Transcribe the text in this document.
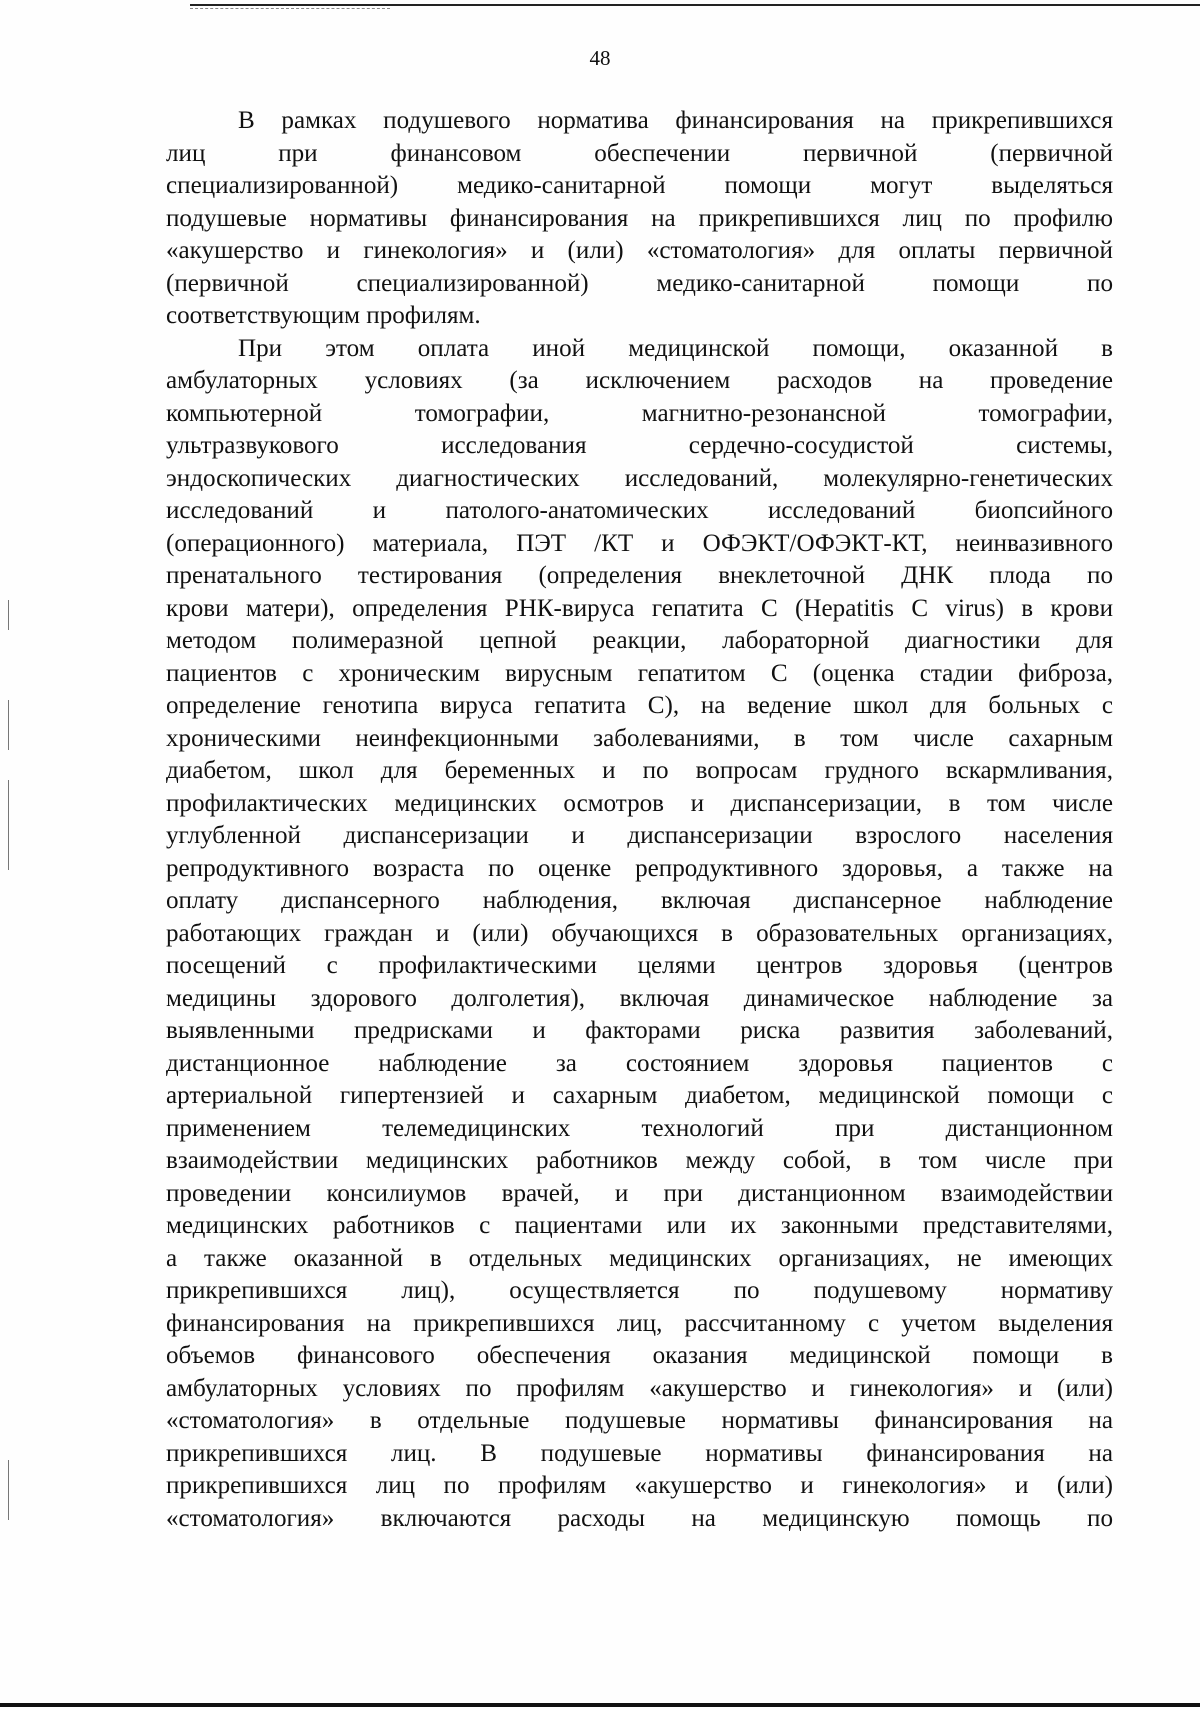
48
В рамках подушевого норматива финансирования на прикрепившихся
лиц при финансовом обеспечении первичной (первичной
специализированной) медико-санитарной помощи могут выделяться
подушевые нормативы финансирования на прикрепившихся лиц по профилю
«акушерство и гинекология» и (или) «стоматология» для оплаты первичной
(первичной специализированной) медико-санитарной помощи по
соответствующим профилям.
При этом оплата иной медицинской помощи, оказанной в
амбулаторных условиях (за исключением расходов на проведение
компьютерной томографии, магнитно-резонансной томографии,
ультразвукового исследования сердечно-сосудистой системы,
эндоскопических диагностических исследований, молекулярно-генетических
исследований и патолого-анатомических исследований биопсийного
(операционного) материала, ПЭТ /КТ и ОФЭКТ/ОФЭКТ-КТ, неинвазивного
пренатального тестирования (определения внеклеточной ДНК плода по
крови матери), определения РНК-вируса гепатита С (Hepatitis C virus) в крови
методом полимеразной цепной реакции, лабораторной диагностики для
пациентов с хроническим вирусным гепатитом С (оценка стадии фиброза,
определение генотипа вируса гепатита С), на ведение школ для больных с
хроническими неинфекционными заболеваниями, в том числе сахарным
диабетом, школ для беременных и по вопросам грудного вскармливания,
профилактических медицинских осмотров и диспансеризации, в том числе
углубленной диспансеризации и диспансеризации взрослого населения
репродуктивного возраста по оценке репродуктивного здоровья, а также на
оплату диспансерного наблюдения, включая диспансерное наблюдение
работающих граждан и (или) обучающихся в образовательных организациях,
посещений с профилактическими целями центров здоровья (центров
медицины здорового долголетия), включая динамическое наблюдение за
выявленными предрисками и факторами риска развития заболеваний,
дистанционное наблюдение за состоянием здоровья пациентов с
артериальной гипертензией и сахарным диабетом, медицинской помощи с
применением телемедицинских технологий при дистанционном
взаимодействии медицинских работников между собой, в том числе при
проведении консилиумов врачей, и при дистанционном взаимодействии
медицинских работников с пациентами или их законными представителями,
а также оказанной в отдельных медицинских организациях, не имеющих
прикрепившихся лиц), осуществляется по подушевому нормативу
финансирования на прикрепившихся лиц, рассчитанному с учетом выделения
объемов финансового обеспечения оказания медицинской помощи в
амбулаторных условиях по профилям «акушерство и гинекология» и (или)
«стоматология» в отдельные подушевые нормативы финансирования на
прикрепившихся лиц. В подушевые нормативы финансирования на
прикрепившихся лиц по профилям «акушерство и гинекология» и (или)
«стоматология» включаются расходы на медицинскую помощь по
